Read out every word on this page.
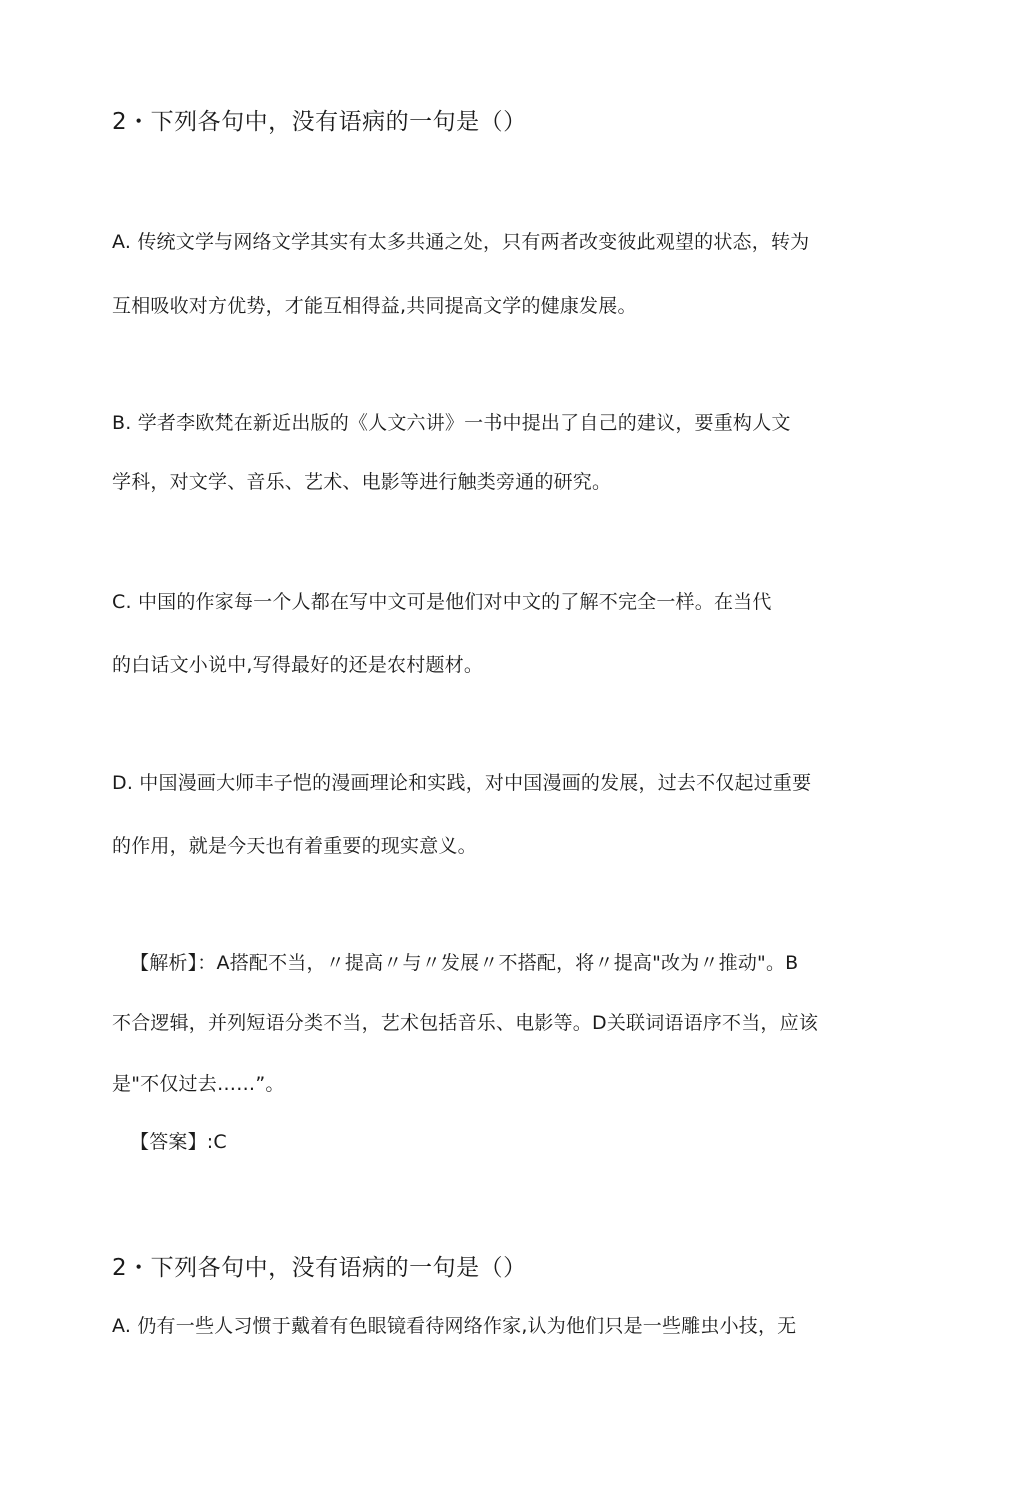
2・下列各句中，没有语病的一句是（）
A. 传统文学与网络文学其实有太多共通之处，只有两者改变彼此观望的状态，转为
互相吸收对方优势，才能互相得益,共同提高文学的健康发展。
B. 学者李欧梵在新近出版的《人文六讲》一书中提出了自己的建议，要重构人文
学科，对文学、音乐、艺术、电影等进行触类旁通的研究。
C. 中国的作家每一个人都在写中文可是他们对中文的了解不完全一样。在当代
的白话文小说中,写得最好的还是农村题材。
D. 中国漫画大师丰子恺的漫画理论和实践，对中国漫画的发展，过去不仅起过重要
的作用，就是今天也有着重要的现实意义。
【解析】：A搭配不当，〃提高〃与〃发展〃不搭配，将〃提高"改为〃推动"。B
不合逻辑，并列短语分类不当，艺术包括音乐、电影等。D关联词语语序不当，应该
是"不仅过去……”。
【答案】:C
2・下列各句中，没有语病的一句是（）
A. 仍有一些人习惯于戴着有色眼镜看待网络作家,认为他们只是一些雕虫小技，无
